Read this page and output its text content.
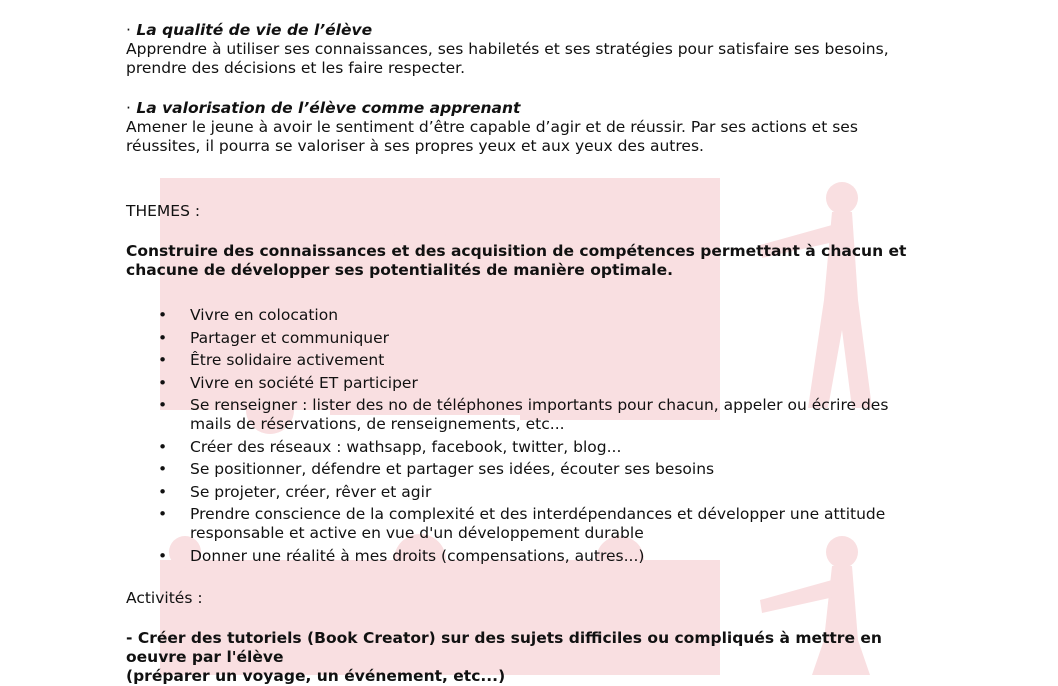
· La qualité de vie de l’élève

Apprendre à utiliser ses connaissances, ses habiletés et ses stratégies pour satisfaire ses besoins,

prendre des décisions et les faire respecter.

· La valorisation de l’élève comme apprenant

Amener le jeune à avoir le sentiment d’être capable d’agir et de réussir. Par ses actions et ses

réussites, il pourra se valoriser à ses propres yeux et aux yeux des autres.

THEMES :

Construire des connaissances et des acquisition de compétences permettant à chacun et

chacune de développer ses potentialités de manière optimale.

• Vivre en colocation
• Partager et communiquer
• Être solidaire activement
• Vivre en société ET participer
• Se renseigner : lister des no de téléphones importants pour chacun, appeler ou écrire des
mails de réservations, de renseignements, etc...
• Créer des réseaux : wathsapp, facebook, twitter, blog...
• Se positionner, défendre et partager ses idées, écouter ses besoins
• Se projeter, créer, rêver et agir
• Prendre conscience de la complexité et des interdépendances et développer une attitude
responsable et active en vue d'un développement durable
• Donner une réalité à mes droits (compensations, autres...)

Activités :

- Créer des tutoriels (Book Creator) sur des sujets difficiles ou compliqués à mettre en

oeuvre par l'élève

(préparer un voyage, un événement, etc...)
